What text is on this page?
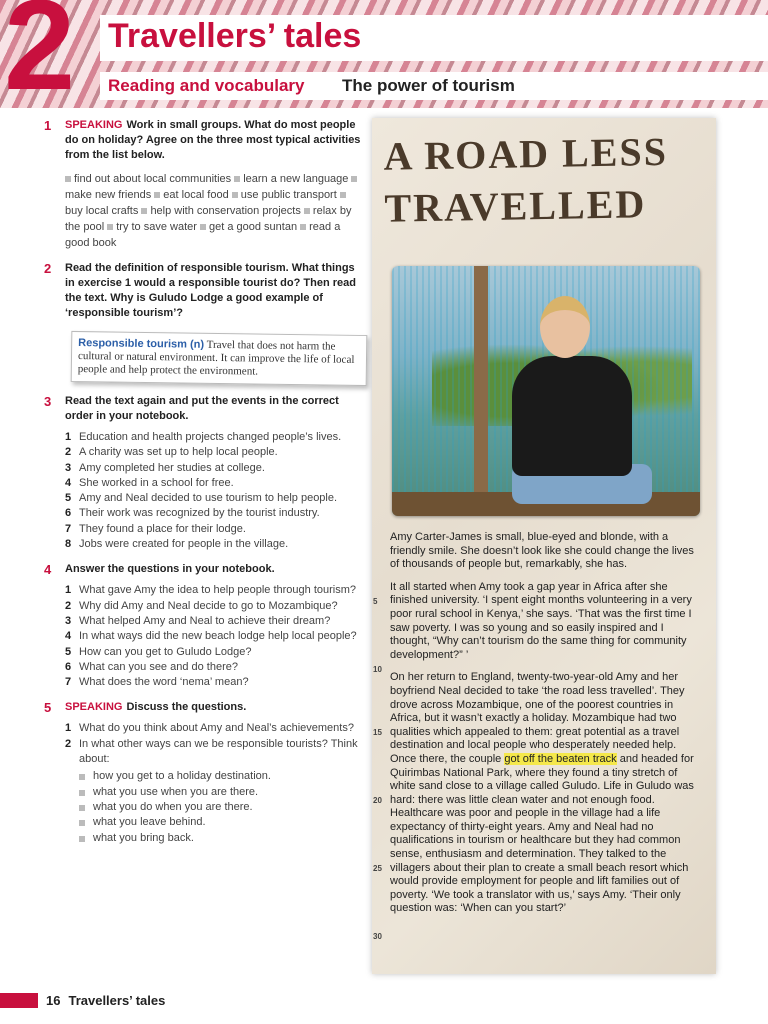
2 Travellers’ tales
Reading and vocabulary The power of tourism
1 SPEAKING Work in small groups. What do most people do on holiday? Agree on the three most typical activities from the list below.
find out about local communities learn a new language make new friends eat local food use public transport buy local crafts help with conservation projects relax by the pool try to save water get a good suntan read a good book
2 Read the definition of responsible tourism. What things in exercise 1 would a responsible tourist do? Then read the text. Why is Guludo Lodge a good example of ‘responsible tourism’?
Responsible tourism (n) Travel that does not harm the cultural or natural environment. It can improve the life of local people and help protect the environment.
3 Read the text again and put the events in the correct order in your notebook.
1 Education and health projects changed people’s lives.
2 A charity was set up to help local people.
3 Amy completed her studies at college.
4 She worked in a school for free.
5 Amy and Neal decided to use tourism to help people.
6 Their work was recognized by the tourist industry.
7 They found a place for their lodge.
8 Jobs were created for people in the village.
4 Answer the questions in your notebook.
1 What gave Amy the idea to help people through tourism?
2 Why did Amy and Neal decide to go to Mozambique?
3 What helped Amy and Neal to achieve their dream?
4 In what ways did the new beach lodge help local people?
5 How can you get to Guludo Lodge?
6 What can you see and do there?
7 What does the word ‘nema’ mean?
5 SPEAKING Discuss the questions.
1 What do you think about Amy and Neal’s achievements?
2 In what other ways can we be responsible tourists? Think about:
how you get to a holiday destination.
what you use when you are there.
what you do when you are there.
what you leave behind.
what you bring back.
A ROAD LESS TRAVELLED

Amy Carter-James is small, blue-eyed and blonde, with a friendly smile. She doesn’t look like she could change the lives of thousands of people but, remarkably, she has.

5
10
It all started when Amy took a gap year in Africa after she finished university. ‘I spent eight months volunteering in a very poor rural school in Kenya,’ she says. ‘That was the first time I saw poverty. I was so young and so easily inspired and I thought, “Why can’t tourism do the same thing for community development?” ’

15
20
25
30
On her return to England, twenty-two-year-old Amy and her boyfriend Neal decided to take ‘the road less travelled’. They drove across Mozambique, one of the poorest countries in Africa, but it wasn’t exactly a holiday. Mozambique had two qualities which appealed to them: great potential as a travel destination and local people who desperately needed help. Once there, the couple got off the beaten track and headed for Quirimbas National Park, where they found a tiny stretch of white sand close to a village called Guludo. Life in Guludo was hard: there was little clean water and not enough food. Healthcare was poor and people in the village had a life expectancy of thirty-eight years. Amy and Neal had no qualifications in tourism or healthcare but they had common sense, enthusiasm and determination. They talked to the villagers about their plan to create a small beach resort which would provide employment for people and lift families out of poverty. ‘We took a translator with us,’ says Amy. ‘Their only question was: ‘When can you start?’

16 Travellers’ tales
